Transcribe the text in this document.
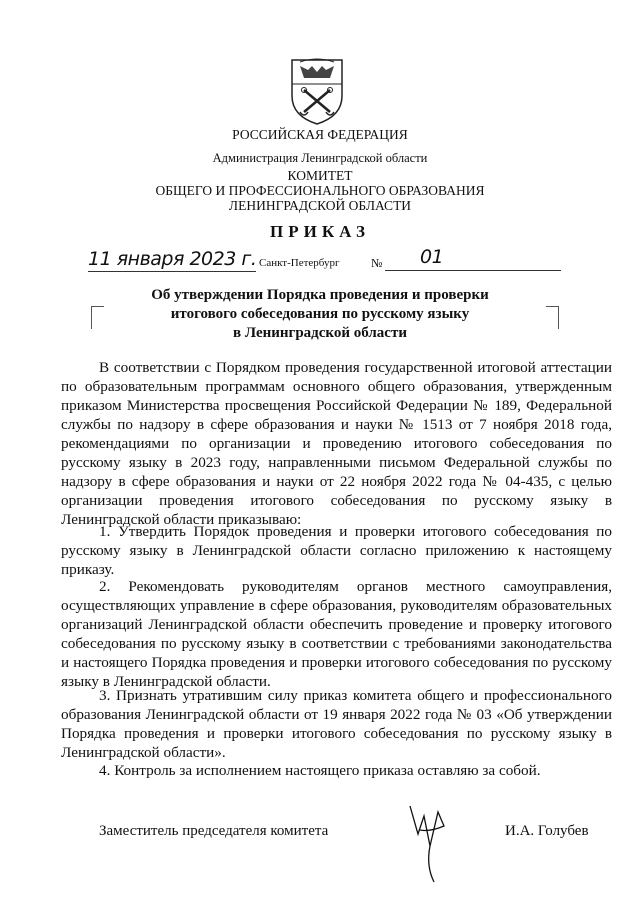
РОССИЙСКАЯ ФЕДЕРАЦИЯ
Администрация Ленинградской области
КОМИТЕТ
ОБЩЕГО И ПРОФЕССИОНАЛЬНОГО ОБРАЗОВАНИЯ
ЛЕНИНГРАДСКОЙ ОБЛАСТИ
ПРИКАЗ
11 января 2023 г. Санкт-Петербург	№ 01
Об утверждении Порядка проведения и проверки
итогового собеседования по русскому языку
в Ленинградской области

В соответствии с Порядком проведения государственной итоговой аттестации по образовательным программам основного общего образования, утвержденным приказом Министерства просвещения Российской Федерации № 189, Федеральной службы по надзору в сфере образования и науки № 1513 от 7 ноября 2018 года, рекомендациями по организации и проведению итогового собеседования по русскому языку в 2023 году, направленными письмом Федеральной службы по надзору в сфере образования и науки от 22 ноября 2022 года № 04-435, с целью организации проведения итогового собеседования по русскому языку в Ленинградской области приказываю:

1. Утвердить Порядок проведения и проверки итогового собеседования по русскому языку в Ленинградской области согласно приложению к настоящему приказу.

2. Рекомендовать руководителям органов местного самоуправления, осуществляющих управление в сфере образования, руководителям образовательных организаций Ленинградской области обеспечить проведение и проверку итогового собеседования по русскому языку в соответствии с требованиями законодательства и настоящего Порядка проведения и проверки итогового собеседования по русскому языку в Ленинградской области.

3. Признать утратившим силу приказ комитета общего и профессионального образования Ленинградской области от 19 января 2022 года № 03 «Об утверждении Порядка проведения и проверки итогового собеседования по русскому языку в Ленинградской области».

4. Контроль за исполнением настоящего приказа оставляю за собой.

Заместитель председателя комитета	И.А. Голубев
